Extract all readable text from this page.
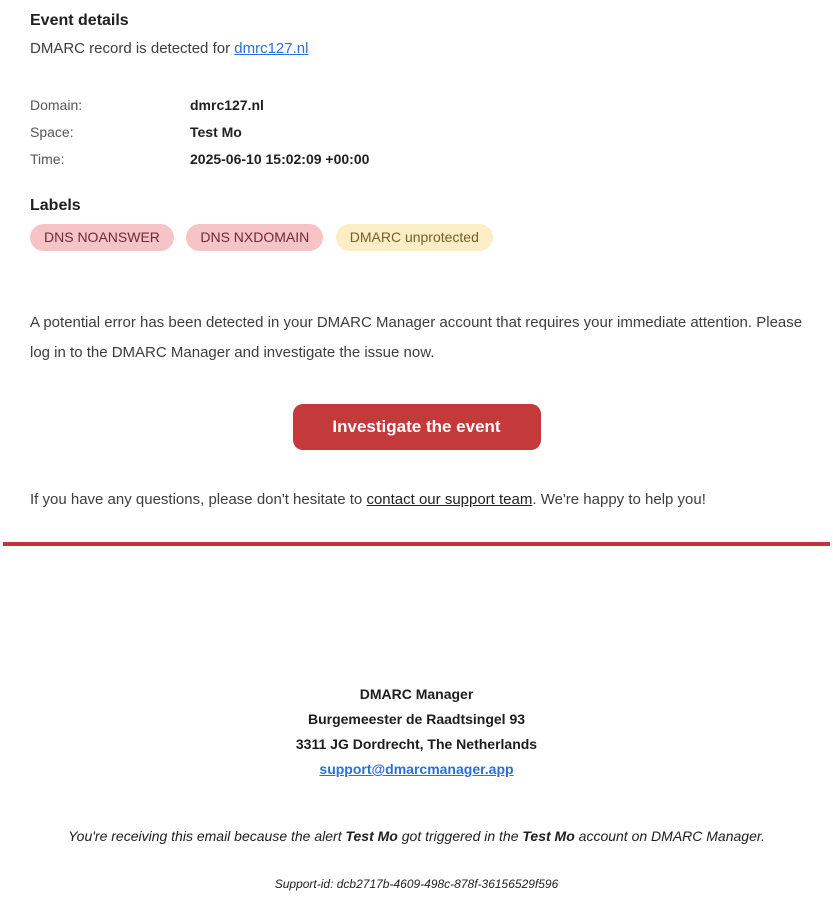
Event details

DMARC record is detected for dmrc127.nl

Domain:	dmrc127.nl
Space:	Test Mo
Time:	2025-06-10 15:02:09 +00:00
Labels
DNS NOANSWER	DNS NXDOMAIN	DMARC unprotected

A potential error has been detected in your DMARC Manager account that requires your immediate attention. Please log in to the DMARC Manager and investigate the issue now.

Investigate the event

If you have any questions, please don't hesitate to contact our support team. We're happy to help you!

DMARC Manager

Burgemeester de Raadtsingel 93

3311 JG Dordrecht, The Netherlands

support@dmarcmanager.app

You're receiving this email because the alert Test Mo got triggered in the Test Mo account on DMARC Manager.

Support-id: dcb2717b-4609-498c-878f-36156529f596
